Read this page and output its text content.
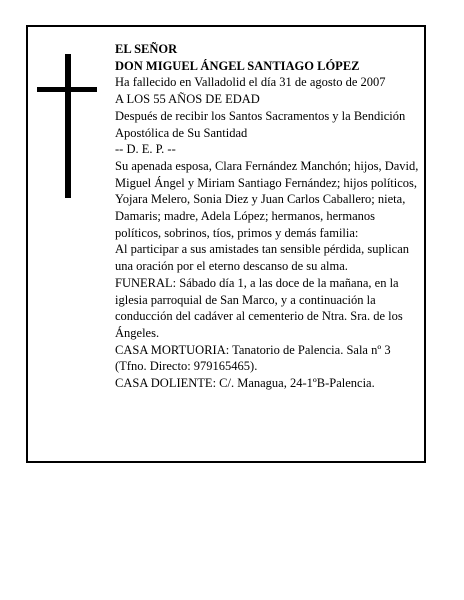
EL SEÑOR

DON MIGUEL ÁNGEL SANTIAGO LÓPEZ

Ha fallecido en Valladolid el día 31 de agosto de 2007

A LOS 55 AÑOS DE EDAD

Después de recibir los Santos Sacramentos y la Bendición Apostólica de Su Santidad

-- D. E. P. --

Su apenada esposa, Clara Fernández Manchón; hijos, David, Miguel Ángel y Miriam Santiago Fernández; hijos políticos, Yojara Melero, Sonia Diez y Juan Carlos Caballero; nieta, Damaris; madre, Adela López; hermanos, hermanos políticos, sobrinos, tíos, primos y demás familia:

Al participar a sus amistades tan sensible pérdida, suplican una oración por el eterno descanso de su alma.

FUNERAL: Sábado día 1, a las doce de la mañana, en la iglesia parroquial de San Marco, y a continuación la conducción del cadáver al cementerio de Ntra. Sra. de los Ángeles.

CASA MORTUORIA: Tanatorio de Palencia. Sala nº 3 (Tfno. Directo: 979165465).

CASA DOLIENTE: C/. Managua, 24-1ºB-Palencia.
